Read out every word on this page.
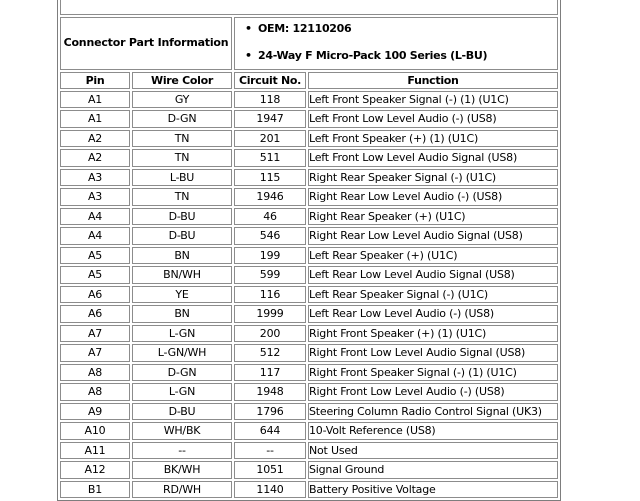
Connector Part Information		• OEM: 12110206
• 24-Way F Micro-Pack 100 Series (L-BU)	

Pin	Wire Color	Circuit No.	Function
A1	GY	118	Left Front Speaker Signal (-) (1) (U1C)
A1	D-GN	1947	Left Front Low Level Audio (-) (US8)
A2	TN	201	Left Front Speaker (+) (1) (U1C)
A2	TN	511	Left Front Low Level Audio Signal (US8)
A3	L-BU	115	Right Rear Speaker Signal (-) (U1C)
A3	TN	1946	Right Rear Low Level Audio (-) (US8)
A4	D-BU	46	Right Rear Speaker (+) (U1C)
A4	D-BU	546	Right Rear Low Level Audio Signal (US8)
A5	BN	199	Left Rear Speaker (+) (U1C)
A5	BN/WH	599	Left Rear Low Level Audio Signal (US8)
A6	YE	116	Left Rear Speaker Signal (-) (U1C)
A6	BN	1999	Left Rear Low Level Audio (-) (US8)
A7	L-GN	200	Right Front Speaker (+) (1) (U1C)
A7	L-GN/WH	512	Right Front Low Level Audio Signal (US8)
A8	D-GN	117	Right Front Speaker Signal (-) (1) (U1C)
A8	L-GN	1948	Right Front Low Level Audio (-) (US8)
A9	D-BU	1796	Steering Column Radio Control Signal (UK3)
A10	WH/BK	644	10-Volt Reference (US8)
A11	--	--	Not Used
A12	BK/WH	1051	Signal Ground
B1	RD/WH	1140	Battery Positive Voltage
